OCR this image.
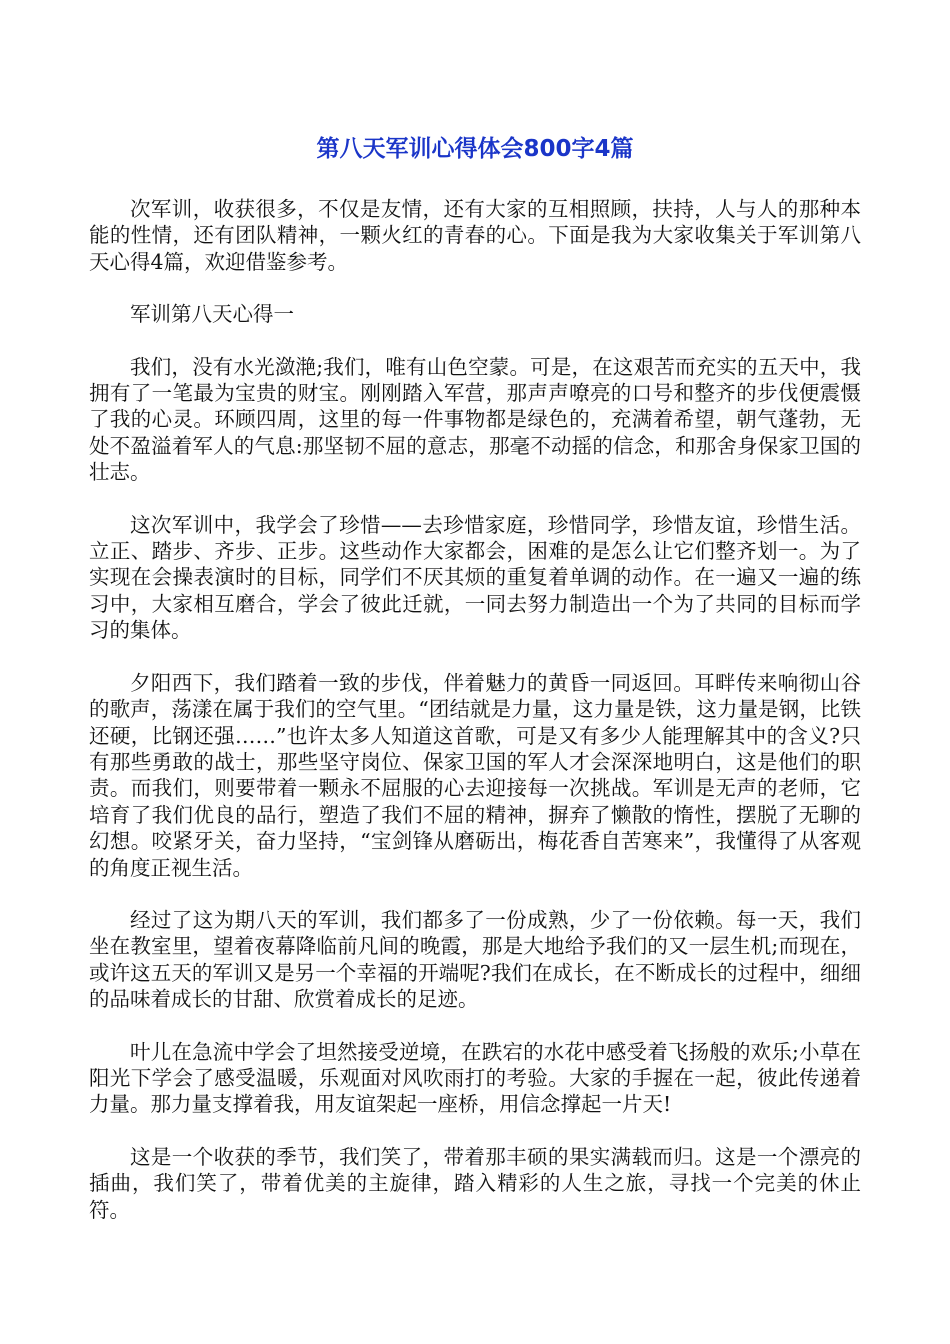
第八天军训心得体会800字4篇

次军训，收获很多，不仅是友情，还有大家的互相照顾，扶持，人与人的那种本能的性情，还有团队精神，一颗火红的青春的心。下面是我为大家收集关于军训第八天心得4篇，欢迎借鉴参考。

军训第八天心得一

我们，没有水光潋滟;我们，唯有山色空蒙。可是，在这艰苦而充实的五天中，我拥有了一笔最为宝贵的财宝。刚刚踏入军营，那声声嘹亮的口号和整齐的步伐便震慑了我的心灵。环顾四周，这里的每一件事物都是绿色的，充满着希望，朝气蓬勃，无处不盈溢着军人的气息:那坚韧不屈的意志，那毫不动摇的信念，和那舍身保家卫国的壮志。

这次军训中，我学会了珍惜——去珍惜家庭，珍惜同学，珍惜友谊，珍惜生活。立正、踏步、齐步、正步。这些动作大家都会，困难的是怎么让它们整齐划一。为了实现在会操表演时的目标，同学们不厌其烦的重复着单调的动作。在一遍又一遍的练习中，大家相互磨合，学会了彼此迁就，一同去努力制造出一个为了共同的目标而学习的集体。

夕阳西下，我们踏着一致的步伐，伴着魅力的黄昏一同返回。耳畔传来响彻山谷的歌声，荡漾在属于我们的空气里。“团结就是力量，这力量是铁，这力量是钢，比铁还硬，比钢还强……”也许太多人知道这首歌，可是又有多少人能理解其中的含义?只有那些勇敢的战士，那些坚守岗位、保家卫国的军人才会深深地明白，这是他们的职责。而我们，则要带着一颗永不屈服的心去迎接每一次挑战。军训是无声的老师，它培育了我们优良的品行，塑造了我们不屈的精神，摒弃了懒散的惰性，摆脱了无聊的幻想。咬紧牙关，奋力坚持，“宝剑锋从磨砺出，梅花香自苦寒来”，我懂得了从客观的角度正视生活。

经过了这为期八天的军训，我们都多了一份成熟，少了一份依赖。每一天，我们坐在教室里，望着夜幕降临前凡间的晚霞，那是大地给予我们的又一层生机;而现在，或许这五天的军训又是另一个幸福的开端呢?我们在成长，在不断成长的过程中，细细的品味着成长的甘甜、欣赏着成长的足迹。

叶儿在急流中学会了坦然接受逆境，在跌宕的水花中感受着飞扬般的欢乐;小草在阳光下学会了感受温暖，乐观面对风吹雨打的考验。大家的手握在一起，彼此传递着力量。那力量支撑着我，用友谊架起一座桥，用信念撑起一片天!

这是一个收获的季节，我们笑了，带着那丰硕的果实满载而归。这是一个漂亮的插曲，我们笑了，带着优美的主旋律，踏入精彩的人生之旅，寻找一个完美的休止符。
